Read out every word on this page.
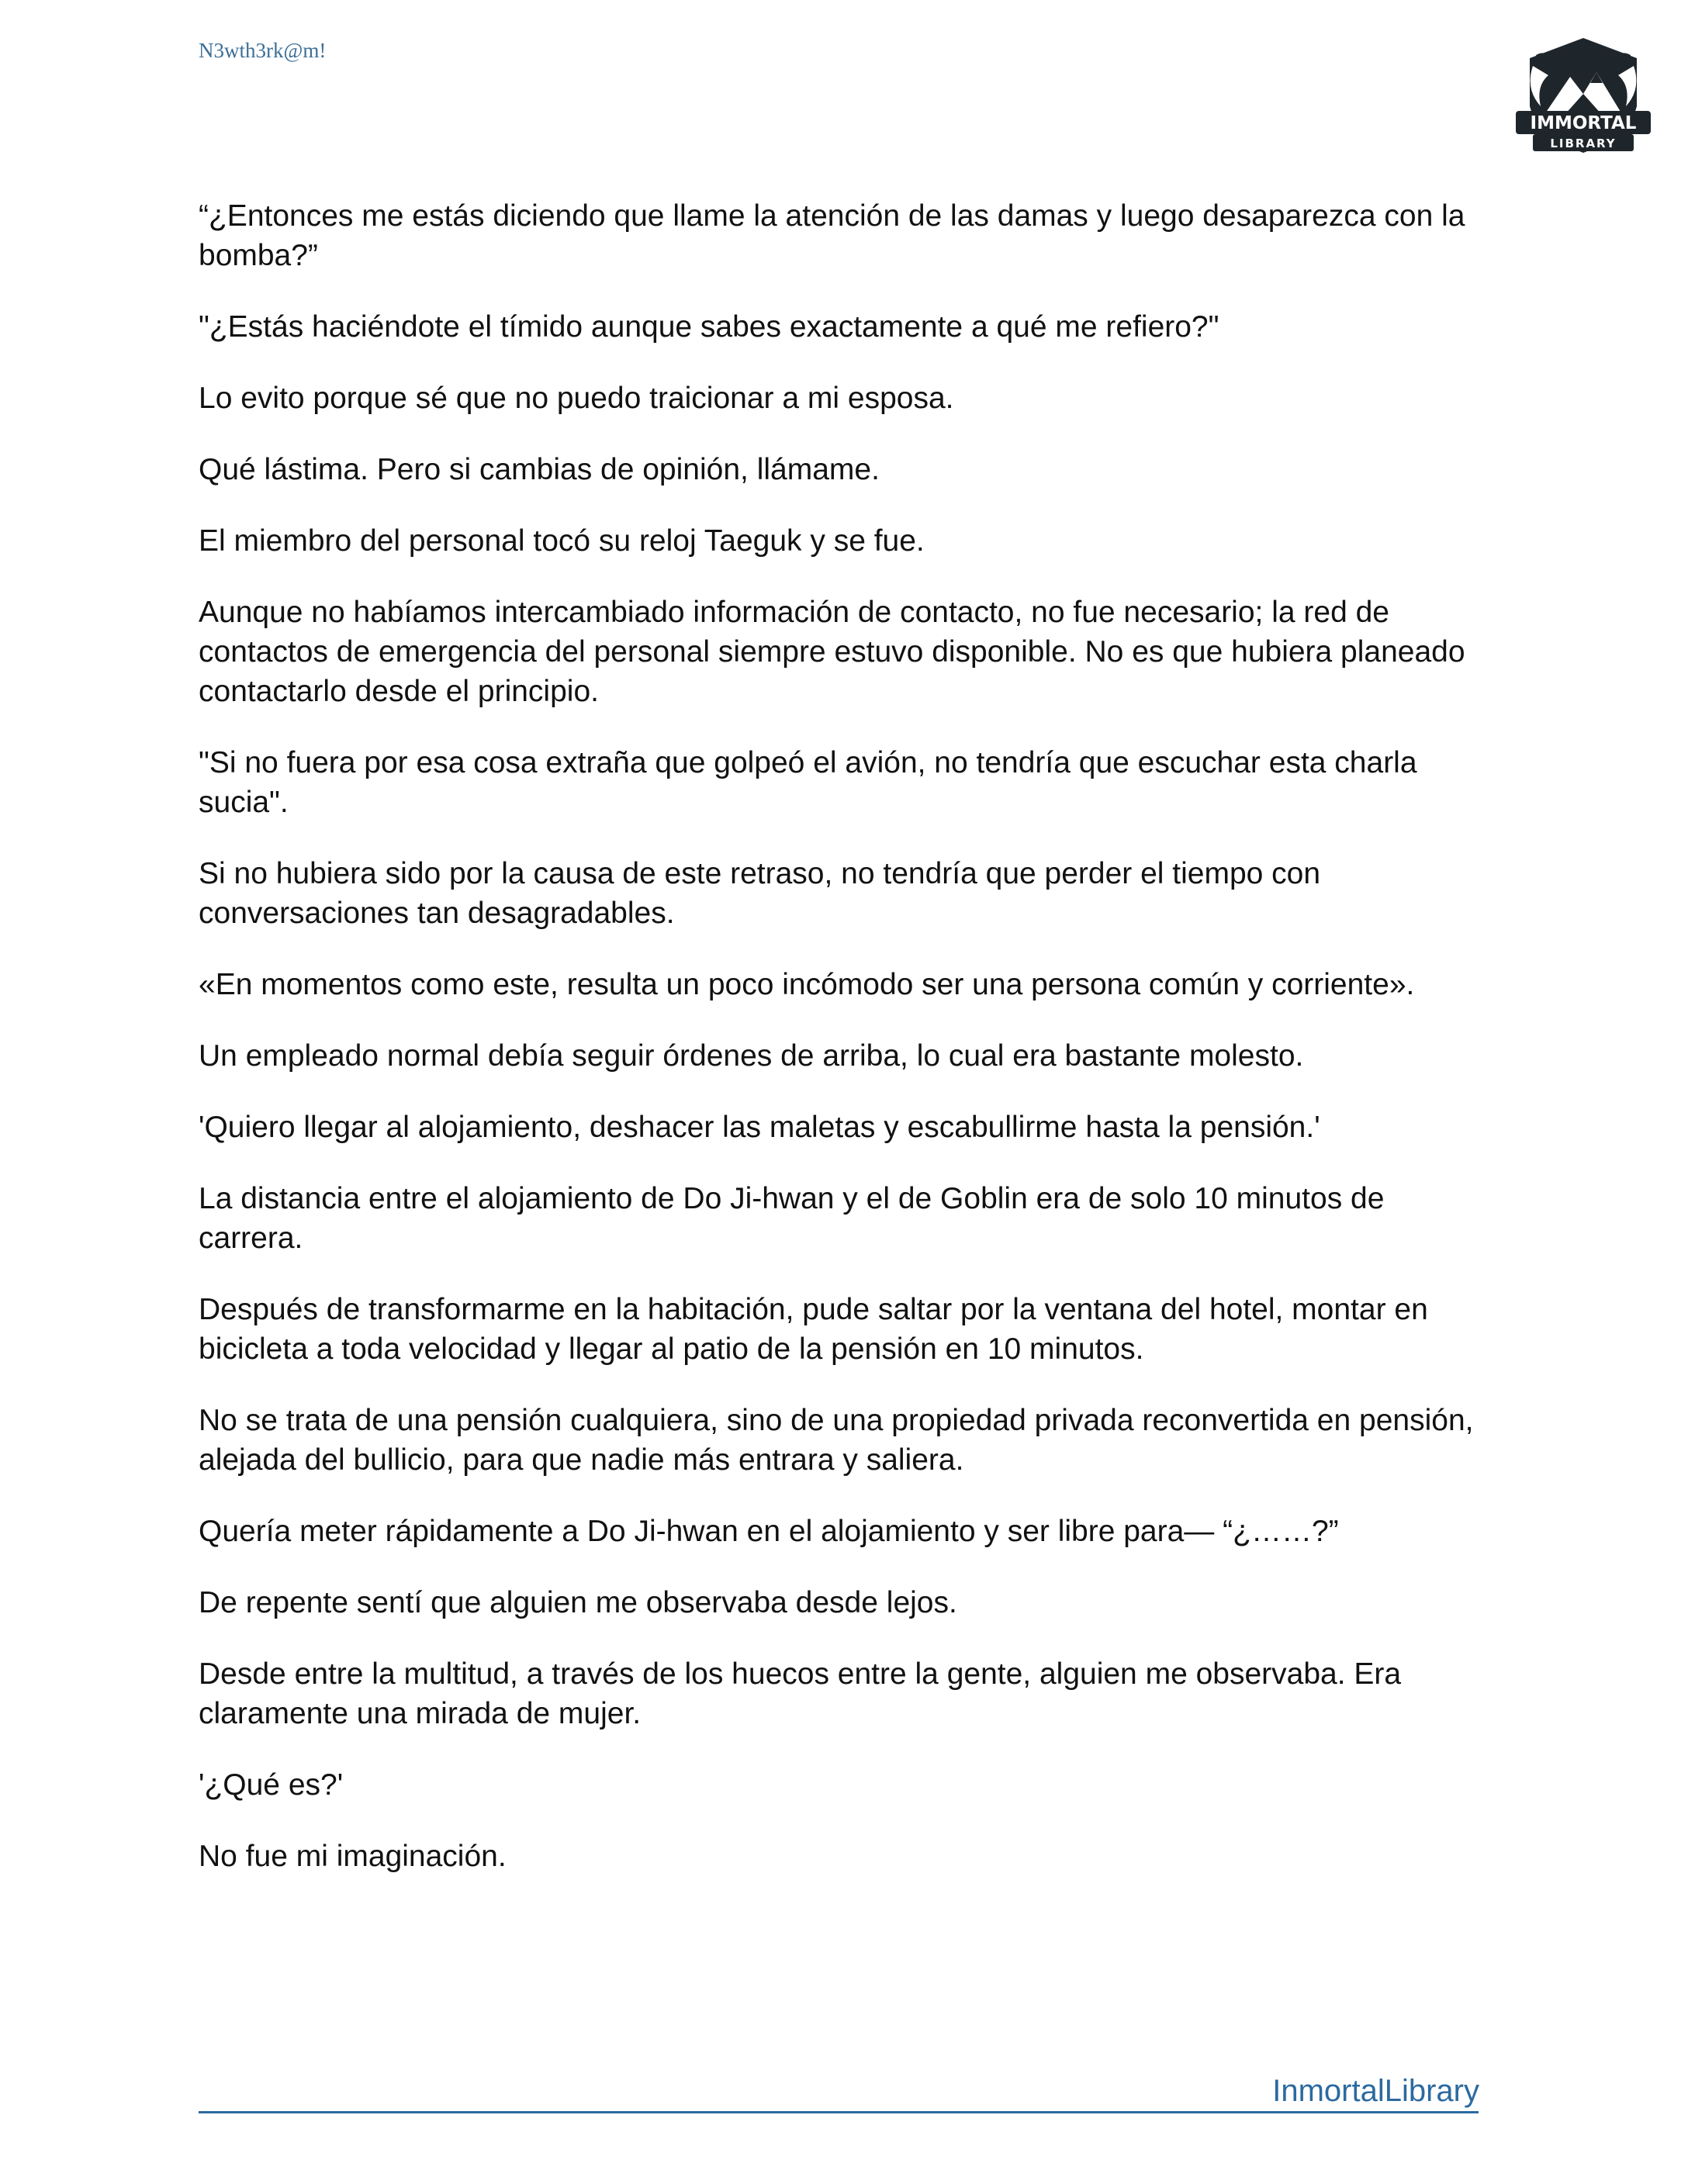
N3wth3rk@m!
IMMORTAL
LIBRARY

“¿Entonces me estás diciendo que llame la atención de las damas y luego desaparezca con la bomba?”

"¿Estás haciéndote el tímido aunque sabes exactamente a qué me refiero?"

Lo evito porque sé que no puedo traicionar a mi esposa.

Qué lástima. Pero si cambias de opinión, llámame.

El miembro del personal tocó su reloj Taeguk y se fue.

Aunque no habíamos intercambiado información de contacto, no fue necesario; la red de contactos de emergencia del personal siempre estuvo disponible. No es que hubiera planeado contactarlo desde el principio.

"Si no fuera por esa cosa extraña que golpeó el avión, no tendría que escuchar esta charla sucia".

Si no hubiera sido por la causa de este retraso, no tendría que perder el tiempo con conversaciones tan desagradables.

«En momentos como este, resulta un poco incómodo ser una persona común y corriente».

Un empleado normal debía seguir órdenes de arriba, lo cual era bastante molesto.

'Quiero llegar al alojamiento, deshacer las maletas y escabullirme hasta la pensión.'

La distancia entre el alojamiento de Do Ji-hwan y el de Goblin era de solo 10 minutos de carrera.

Después de transformarme en la habitación, pude saltar por la ventana del hotel, montar en bicicleta a toda velocidad y llegar al patio de la pensión en 10 minutos.

No se trata de una pensión cualquiera, sino de una propiedad privada reconvertida en pensión, alejada del bullicio, para que nadie más entrara y saliera.

Quería meter rápidamente a Do Ji-hwan en el alojamiento y ser libre para— “¿……?”

De repente sentí que alguien me observaba desde lejos.

Desde entre la multitud, a través de los huecos entre la gente, alguien me observaba. Era claramente una mirada de mujer.

'¿Qué es?'

No fue mi imaginación.

InmortalLibrary
